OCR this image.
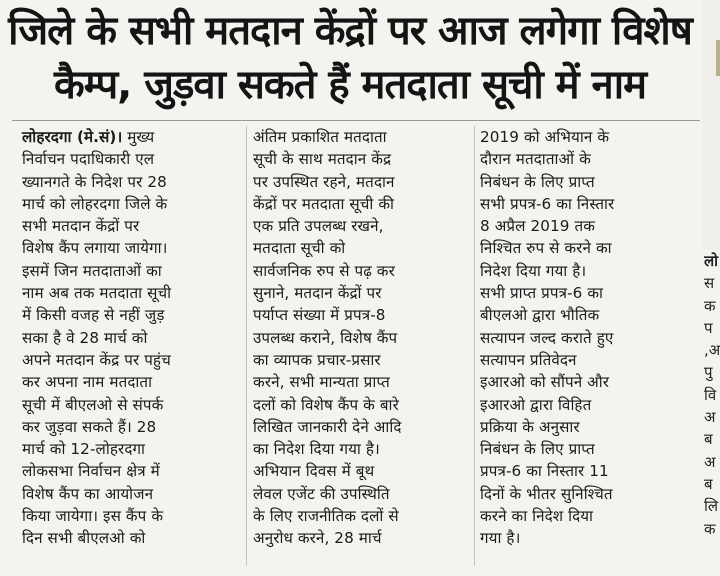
जिले के सभी मतदान केंद्रों पर आज लगेगा विशेष
कैम्प, जुड़वा सकते हैं मतदाता सूची में नाम
लोहरदगा (मे.सं)। मुख्य
निर्वाचन पदाधिकारी एल
ख्यानगते के निदेश पर 28
मार्च को लोहरदगा जिले के
सभी मतदान केंद्रों पर
विशेष कैंप लगाया जायेगा।
इसमें जिन मतदाताओं का
नाम अब तक मतदाता सूची
में किसी वजह से नहीं जुड़
सका है वे 28 मार्च को
अपने मतदान केंद्र पर पहुंच
कर अपना नाम मतदाता
सूची में बीएलओ से संपर्क
कर जुड़वा सकते हैं। 28
मार्च को 12-लोहरदगा
लोकसभा निर्वाचन क्षेत्र में
विशेष कैंप का आयोजन
किया जायेगा। इस कैंप के
दिन सभी बीएलओ को
अंतिम प्रकाशित मतदाता
सूची के साथ मतदान केंद्र
पर उपस्थित रहने, मतदान
केंद्रों पर मतदाता सूची की
एक प्रति उपलब्ध रखने,
मतदाता सूची को
सार्वजनिक रुप से पढ़ कर
सुनाने, मतदान केंद्रों पर
पर्याप्त संख्या में प्रपत्र-8
उपलब्ध कराने, विशेष कैंप
का व्यापक प्रचार-प्रसार
करने, सभी मान्यता प्राप्त
दलों को विशेष कैंप के बारे
लिखित जानकारी देने आदि
का निदेश दिया गया है।
अभियान दिवस में बूथ
लेवल एजेंट की उपस्थिति
के लिए राजनीतिक दलों से
अनुरोध करने, 28 मार्च
2019 को अभियान के
दौरान मतदाताओं के
निबंधन के लिए प्राप्त
सभी प्रपत्र-6 का निस्तार
8 अप्रैल 2019 तक
निश्चित रुप से करने का
निदेश दिया गया है।
सभी प्राप्त प्रपत्र-6 का
बीएलओ द्वारा भौतिक
सत्यापन जल्द कराते हुए
सत्यापन प्रतिवेदन
इआरओ को सौंपने और
इआरओ द्वारा विहित
प्रक्रिया के अनुसार
निबंधन के लिए प्राप्त
प्रपत्र-6 का निस्तार 11
दिनों के भीतर सुनिश्चित
करने का निदेश दिया
गया है।
लो
स
क
प
,अ
पु
वि
अ
ब
अ
ब
लि
क
